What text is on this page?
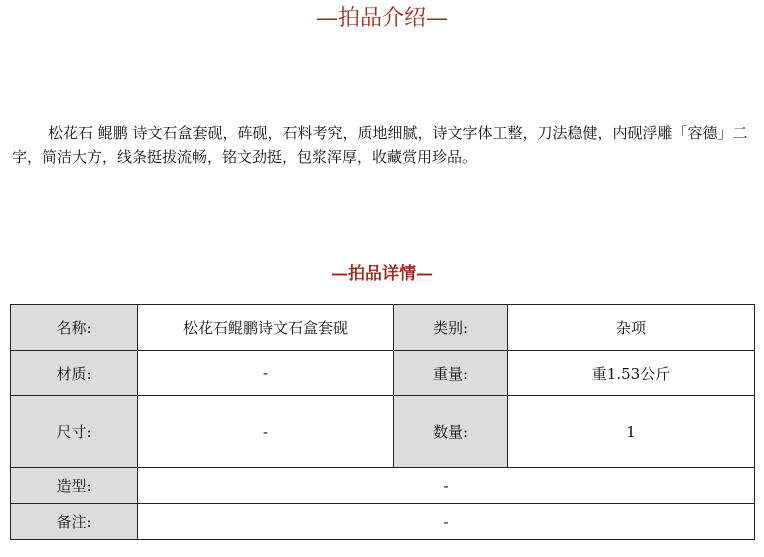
—拍品介绍—

松花石 鲲鹏 诗文石盒套砚，砗砚，石料考究，质地细腻，诗文字体工整，刀法稳健，内砚浮雕「容德」二字，简洁大方，线条挺拔流畅，铭文劲挺，包浆浑厚，收藏赏用珍品。

—拍品详情—
名称:	松花石鲲鹏诗文石盒套砚	类别:	杂项
材质:	-	重量:	重1.53公斤
尺寸:	-	数量:	1
造型:	-		
备注:	-		
